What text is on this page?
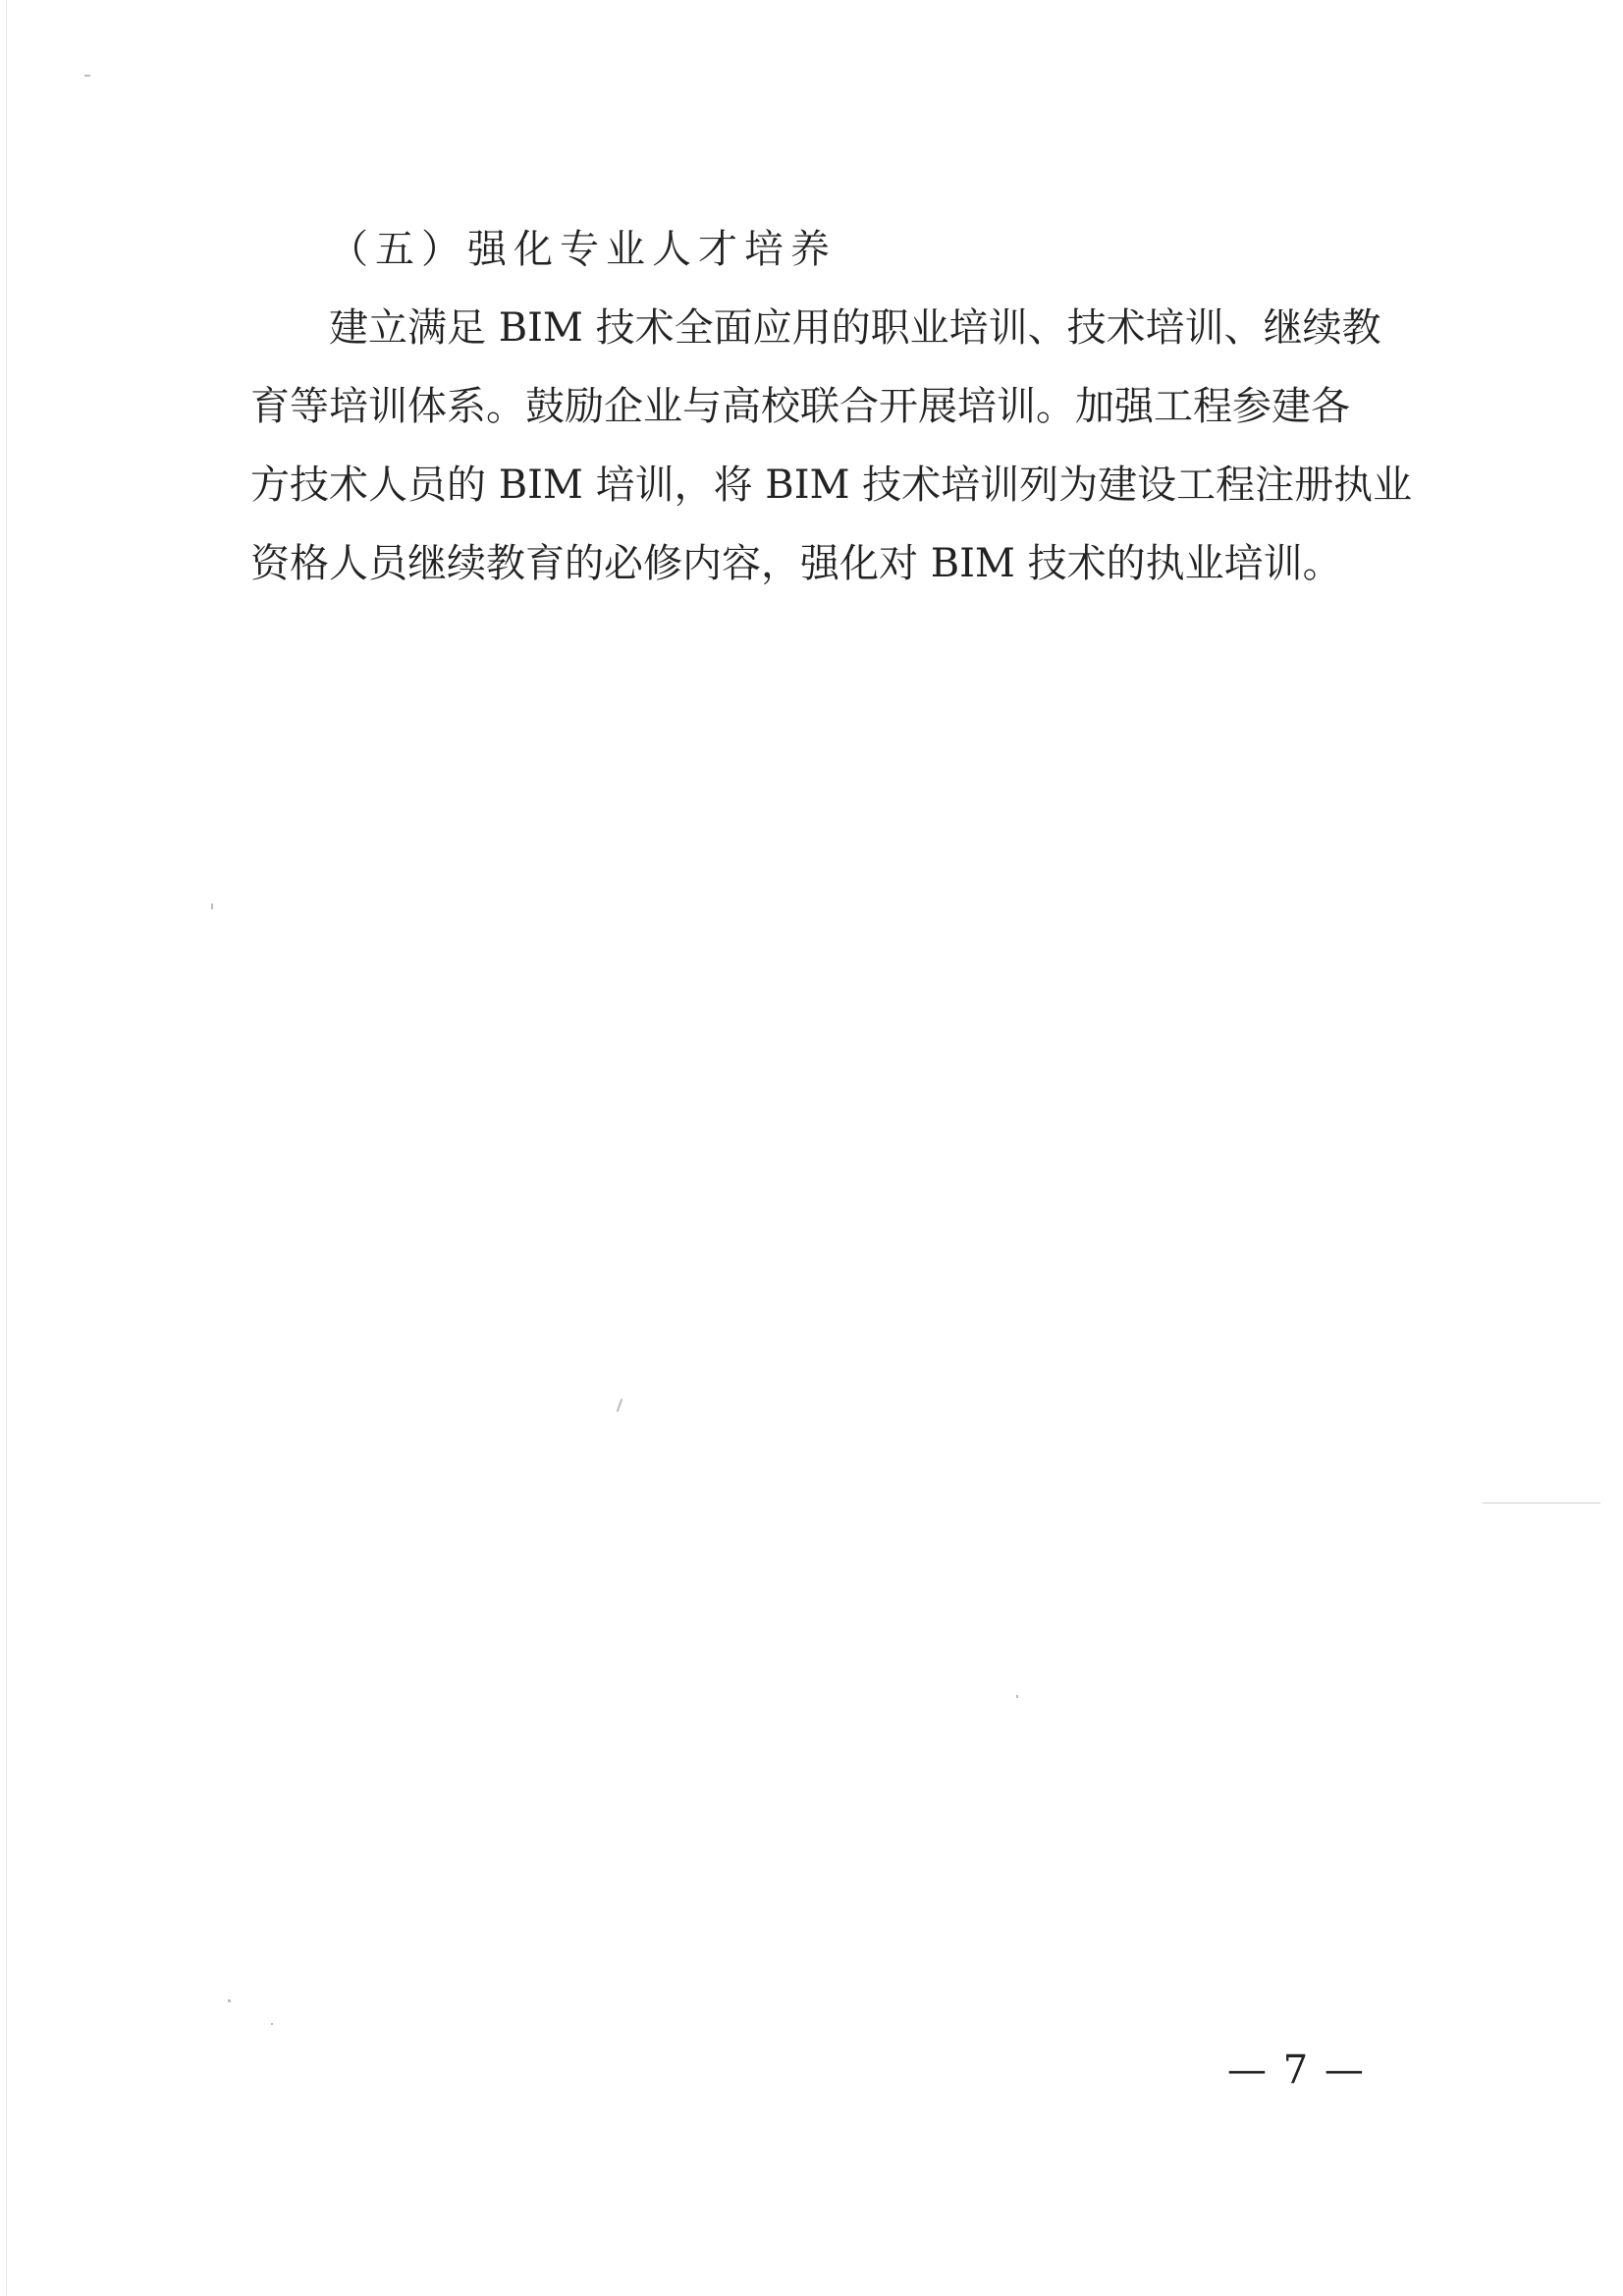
（五）强化专业人才培养

建立满足 BIM 技术全面应用的职业培训、技术培训、继续教
育等培训体系。鼓励企业与高校联合开展培训。加强工程参建各
方技术人员的 BIM 培训，将 BIM 技术培训列为建设工程注册执业
资格人员继续教育的必修内容，强化对 BIM 技术的执业培训。

— 7 —
